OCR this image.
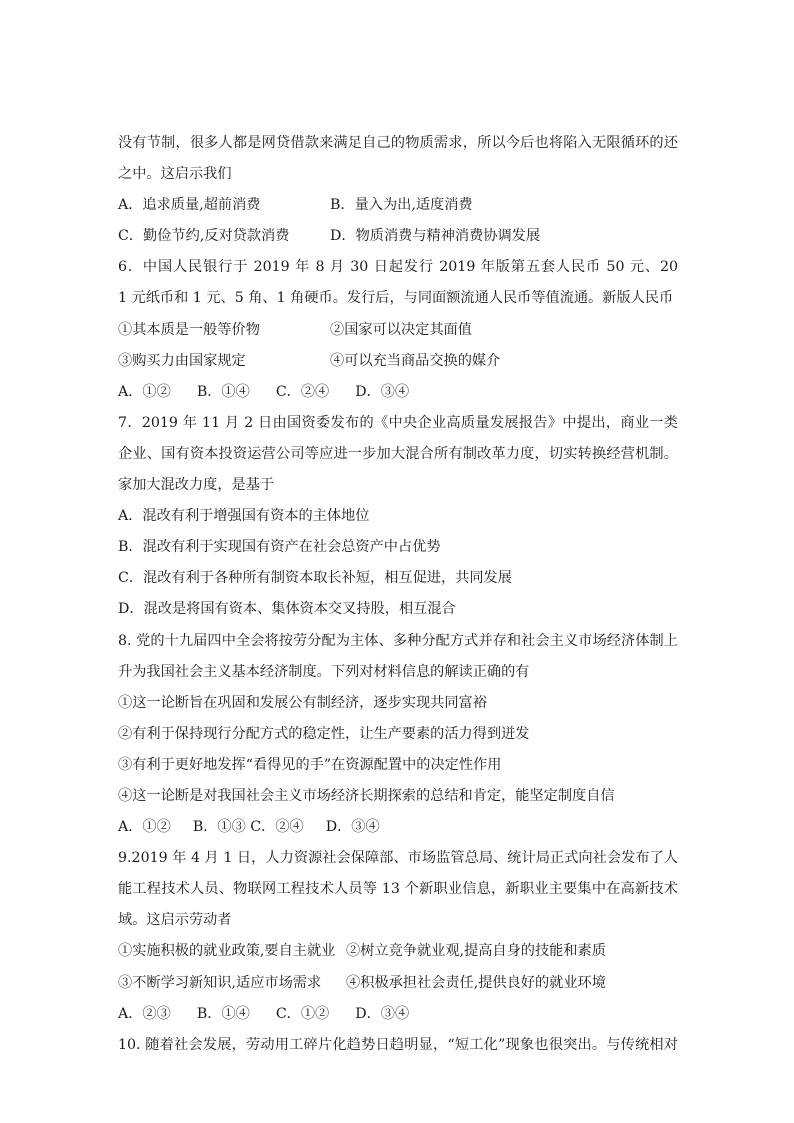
没有节制，很多人都是网贷借款来满足自己的物质需求，所以今后也将陷入无限循环的还
之中。这启示我们
A．追求质量,超前消费	B．量入为出,适度消费
C．勤俭节约,反对贷款消费	D．物质消费与精神消费协调发展
6．中国人民银行于 2019 年 8 月 30 日起发行 2019 年版第五套人民币 50 元、20
1 元纸币和 1 元、5 角、1 角硬币。发行后，与同面额流通人民币等值流通。新版人民币
①其本质是一般等价物	②国家可以决定其面值
③购买力由国家规定	④可以充当商品交换的媒介
A．①② B．①④ C．②④ D．③④
7．2019 年 11 月 2 日由国资委发布的《中央企业高质量发展报告》中提出，商业一类
企业、国有资本投资运营公司等应进一步加大混合所有制改革力度，切实转换经营机制。
家加大混改力度，是基于
A．混改有利于增强国有资本的主体地位
B．混改有利于实现国有资产在社会总资产中占优势
C．混改有利于各种所有制资本取长补短，相互促进，共同发展
D．混改是将国有资本、集体资本交叉持股，相互混合
8. 党的十九届四中全会将按劳分配为主体、多种分配方式并存和社会主义市场经济体制上
升为我国社会主义基本经济制度。下列对材料信息的解读正确的有
①这一论断旨在巩固和发展公有制经济，逐步实现共同富裕
②有利于保持现行分配方式的稳定性，让生产要素的活力得到迸发
③有利于更好地发挥“看得见的手”在资源配置中的决定性作用
④这一论断是对我国社会主义市场经济长期探索的总结和肯定，能坚定制度自信
A．①② B．①③ C．②④ D．③④
9.2019 年 4 月 1 日，人力资源社会保障部、市场监管总局、统计局正式向社会发布了人
能工程技术人员、物联网工程技术人员等 13 个新职业信息，新职业主要集中在高新技术
域。这启示劳动者
①实施积极的就业政策,要自主就业 ②树立竞争就业观,提高自身的技能和素质
③不断学习新知识,适应市场需求 ④积极承担社会责任,提供良好的就业环境
A．②③ B．①④ C．①② D．③④
10. 随着社会发展，劳动用工碎片化趋势日趋明显，“短工化”现象也很突出。与传统相对
